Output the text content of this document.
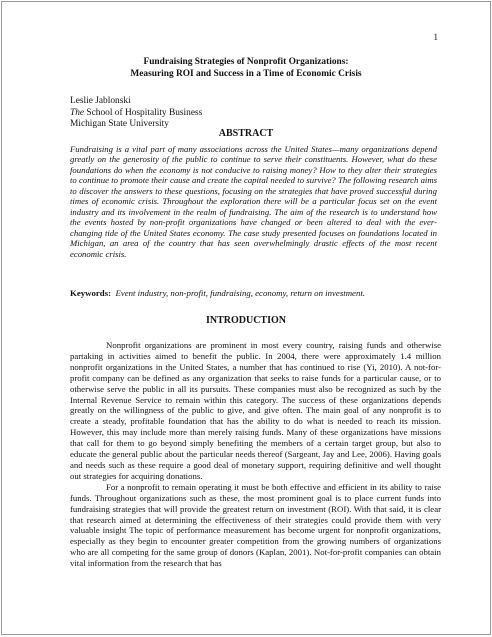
1
Fundraising Strategies of Nonprofit Organizations:
Measuring ROI and Success in a Time of Economic Crisis
Leslie Jablonski
The School of Hospitality Business
Michigan State University
ABSTRACT
Fundraising is a vital part of many associations across the United States—many organizations depend greatly on the generosity of the public to continue to serve their constituents. However, what do these foundations do when the economy is not conducive to raising money? How to they alter their strategies to continue to promote their cause and create the capital needed to survive? The following research aims to discover the answers to these questions, focusing on the strategies that have proved successful during times of economic crisis. Throughout the exploration there will be a particular focus set on the event industry and its involvement in the realm of fundraising. The aim of the research is to understand how the events hosted by non-profit organizations have changed or been altered to deal with the ever-changing tide of the United States economy. The case study presented focuses on foundations located in Michigan, an area of the country that has seen overwhelmingly drastic effects of the most recent economic crisis.
Keywords: Event industry, non-profit, fundraising, economy, return on investment.
INTRODUCTION

Nonprofit organizations are prominent in most every country, raising funds and otherwise partaking in activities aimed to benefit the public. In 2004, there were approximately 1.4 million nonprofit organizations in the United States, a number that has continued to rise (Yi, 2010). A not-for-profit company can be defined as any organization that seeks to raise funds for a particular cause, or to otherwise serve the public in all its pursuits. These companies must also be recognized as such by the Internal Revenue Service to remain within this category. The success of these organizations depends greatly on the willingness of the public to give, and give often. The main goal of any nonprofit is to create a steady, profitable foundation that has the ability to do what is needed to reach its mission. However, this may include more than merely raising funds. Many of these organizations have missions that call for them to go beyond simply benefiting the members of a certain target group, but also to educate the general public about the particular needs thereof (Sargeant, Jay and Lee, 2006). Having goals and needs such as these require a good deal of monetary support, requiring definitive and well thought out strategies for acquiring donations.

For a nonprofit to remain operating it must be both effective and efficient in its ability to raise funds. Throughout organizations such as these, the most prominent goal is to place current funds into fundraising strategies that will provide the greatest return on investment (ROI). With that said, it is clear that research aimed at determining the effectiveness of their strategies could provide them with very valuable insight The topic of performance measurement has become urgent for nonprofit organizations, especially as they begin to encounter greater competition from the growing numbers of organizations who are all competing for the same group of donors (Kaplan, 2001). Not-for-profit companies can obtain vital information from the research that has
